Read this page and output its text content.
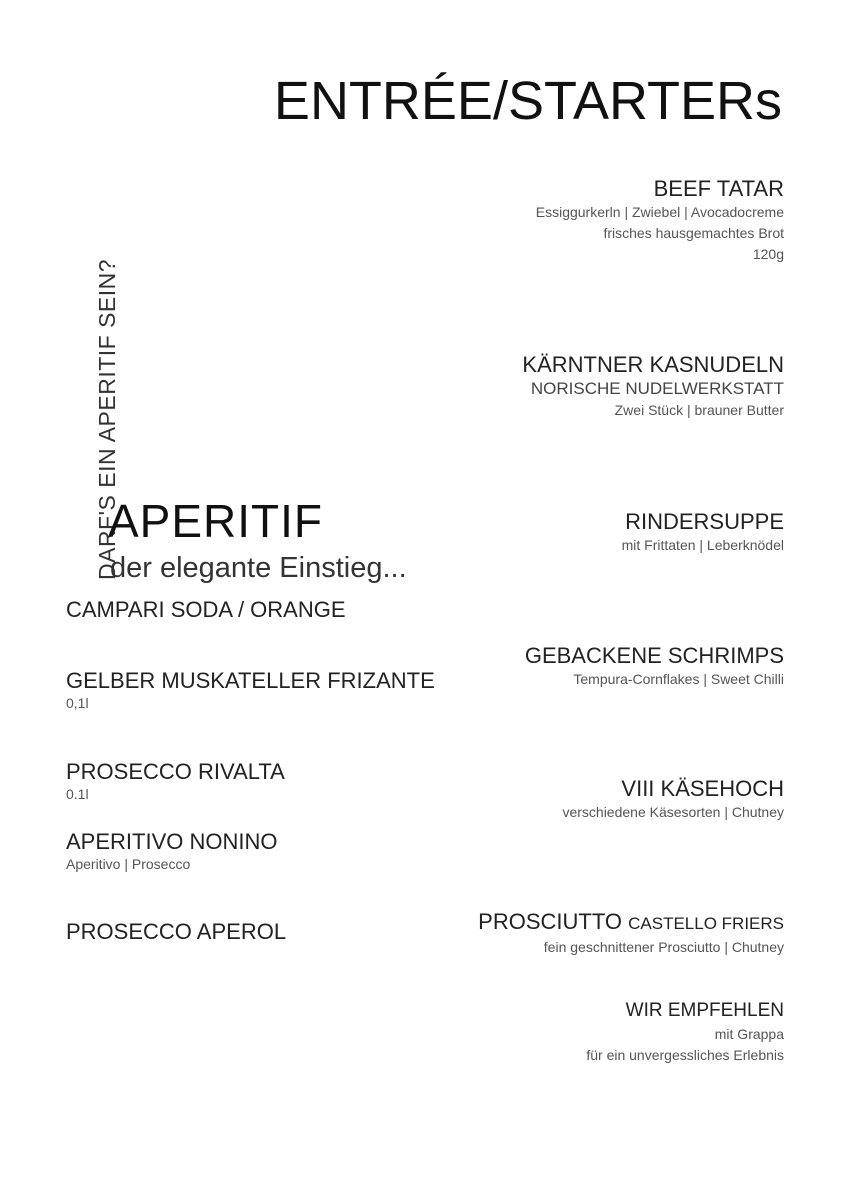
ENTRÉE/STARTERs
BEEF TATAR
Essiggurkerln | Zwiebel | Avocadocreme
frisches hausgemachtes Brot
120g
KÄRNTNER KASNUDELN
NORISCHE NUDELWERKSTATT
Zwei Stück | brauner Butter
RINDERSUPPE
mit Frittaten | Leberknödel
GEBACKENE SCHRIMPS
Tempura-Cornflakes | Sweet Chilli
VIII KÄSEHOCH
verschiedene Käsesorten | Chutney
PROSCIUTTO CASTELLO FRIERS
fein geschnittener Prosciutto | Chutney
WIR EMPFEHLEN
mit Grappa
für ein unvergessliches Erlebnis
DARF'S EIN APERITIF SEIN?
APERITIF
der elegante Einstieg...
CAMPARI SODA / ORANGE
GELBER MUSKATELLER FRIZANTE
0,1l
PROSECCO RIVALTA
0.1l
APERITIVO NONINO
Aperitivo | Prosecco
PROSECCO APEROL
